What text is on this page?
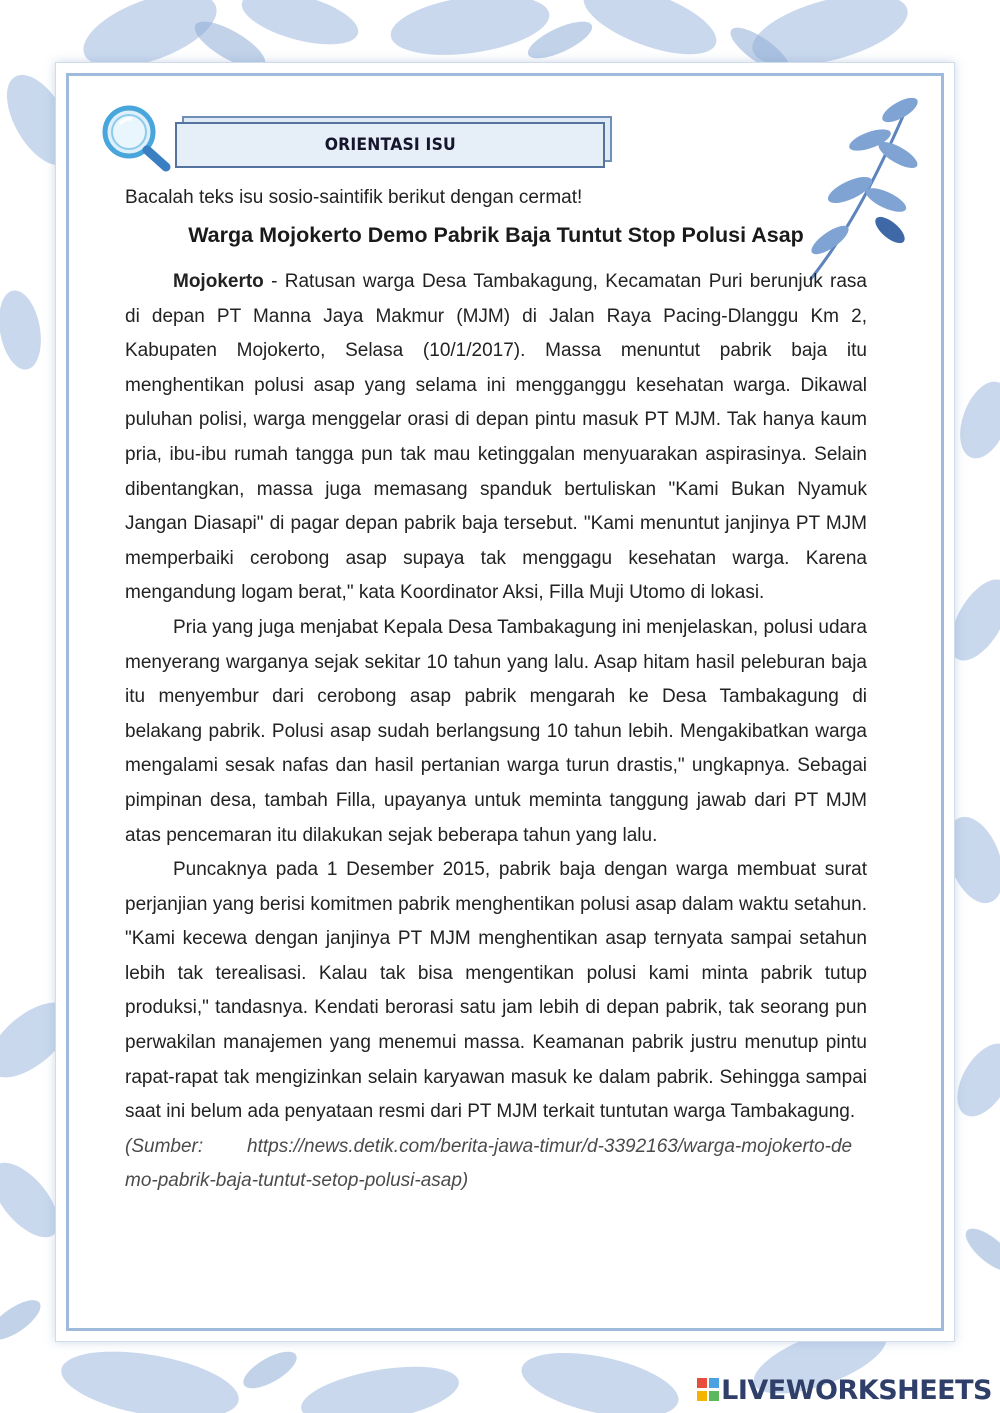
ORIENTASI ISU
Bacalah teks isu sosio-saintifik berikut dengan cermat!
Warga Mojokerto Demo Pabrik Baja Tuntut Stop Polusi Asap

Mojokerto - Ratusan warga Desa Tambakagung, Kecamatan Puri berunjuk rasa di depan PT Manna Jaya Makmur (MJM) di Jalan Raya Pacing-Dlanggu Km 2, Kabupaten Mojokerto, Selasa (10/1/2017). Massa menuntut pabrik baja itu menghentikan polusi asap yang selama ini mengganggu kesehatan warga. Dikawal puluhan polisi, warga menggelar orasi di depan pintu masuk PT MJM. Tak hanya kaum pria, ibu-ibu rumah tangga pun tak mau ketinggalan menyuarakan aspirasinya. Selain dibentangkan, massa juga memasang spanduk bertuliskan "Kami Bukan Nyamuk Jangan Diasapi" di pagar depan pabrik baja tersebut. "Kami menuntut janjinya PT MJM memperbaiki cerobong asap supaya tak menggagu kesehatan warga. Karena mengandung logam berat," kata Koordinator Aksi, Filla Muji Utomo di lokasi.

Pria yang juga menjabat Kepala Desa Tambakagung ini menjelaskan, polusi udara menyerang warganya sejak sekitar 10 tahun yang lalu. Asap hitam hasil peleburan baja itu menyembur dari cerobong asap pabrik mengarah ke Desa Tambakagung di belakang pabrik. Polusi asap sudah berlangsung 10 tahun lebih. Mengakibatkan warga mengalami sesak nafas dan hasil pertanian warga turun drastis," ungkapnya. Sebagai pimpinan desa, tambah Filla, upayanya untuk meminta tanggung jawab dari PT MJM atas pencemaran itu dilakukan sejak beberapa tahun yang lalu.

Puncaknya pada 1 Desember 2015, pabrik baja dengan warga membuat surat perjanjian yang berisi komitmen pabrik menghentikan polusi asap dalam waktu setahun. "Kami kecewa dengan janjinya PT MJM menghentikan asap ternyata sampai setahun lebih tak terealisasi. Kalau tak bisa mengentikan polusi kami minta pabrik tutup produksi," tandasnya. Kendati berorasi satu jam lebih di depan pabrik, tak seorang pun perwakilan manajemen yang menemui massa. Keamanan pabrik justru menutup pintu rapat-rapat tak mengizinkan selain karyawan masuk ke dalam pabrik. Sehingga sampai saat ini belum ada penyataan resmi dari PT MJM terkait tuntutan warga Tambakagung.

(Sumber: https://news.detik.com/berita-jawa-timur/d-3392163/warga-mojokerto-demo-pabrik-baja-tuntut-setop-polusi-asap)

LIVEWORKSHEETS
